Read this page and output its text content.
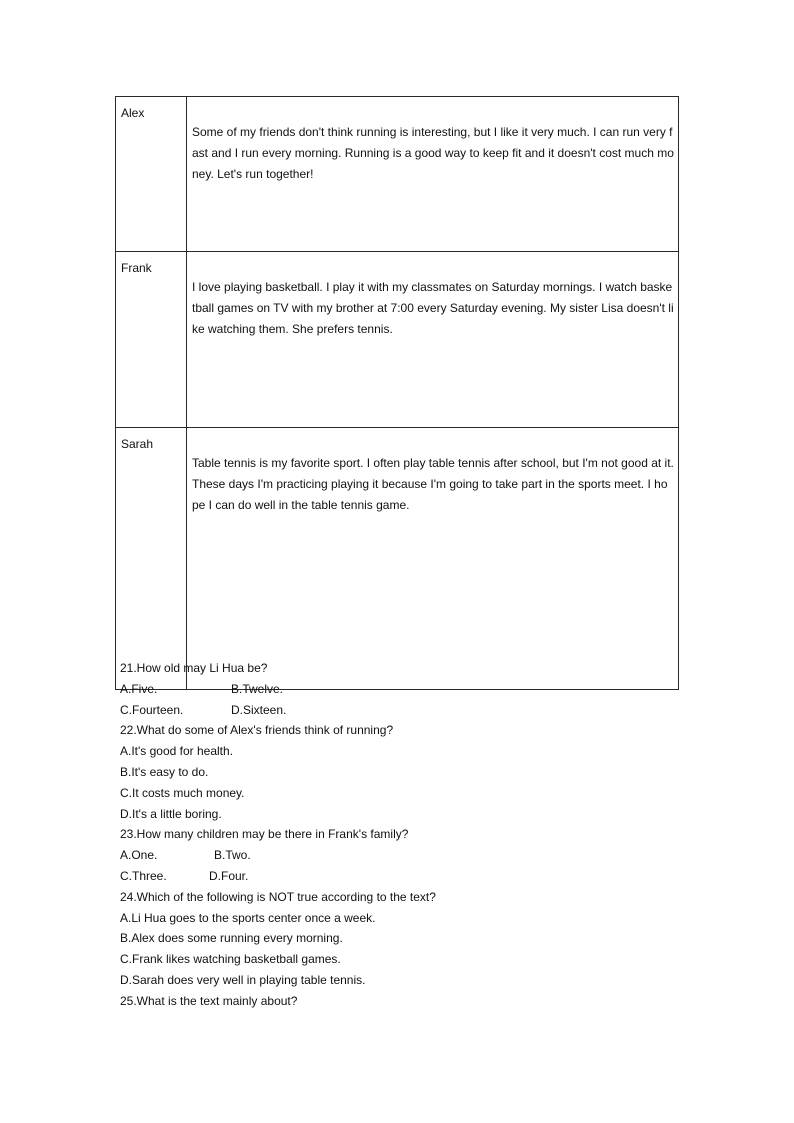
Alex	Some of my friends don't think running is interesting, but I like it very much. I can run very fast and I run every morning. Running is a good way to keep fit and it doesn't cost much money. Let's run together!
Frank	I love playing basketball. I play it with my classmates on Saturday mornings. I watch basketball games on TV with my brother at 7:00 every Saturday evening. My sister Lisa doesn't like watching them. She prefers tennis.
Sarah	Table tennis is my favorite sport. I often play table tennis after school, but I'm not good at it. These days I'm practicing playing it because I'm going to take part in the sports meet. I hope I can do well in the table tennis game.
21.How old may Li Hua be?
A.Five.	B.Twelve.
C.Fourteen.	D.Sixteen.
22.What do some of Alex's friends think of running?
A.It's good for health.
B.It's easy to do.
C.It costs much money.
D.It's a little boring.
23.How many children may be there in Frank's family?
A.One.	B.Two.
C.Three.	D.Four.
24.Which of the following is NOT true according to the text?
A.Li Hua goes to the sports center once a week.
B.Alex does some running every morning.
C.Frank likes watching basketball games.
D.Sarah does very well in playing table tennis.
25.What is the text mainly about?
